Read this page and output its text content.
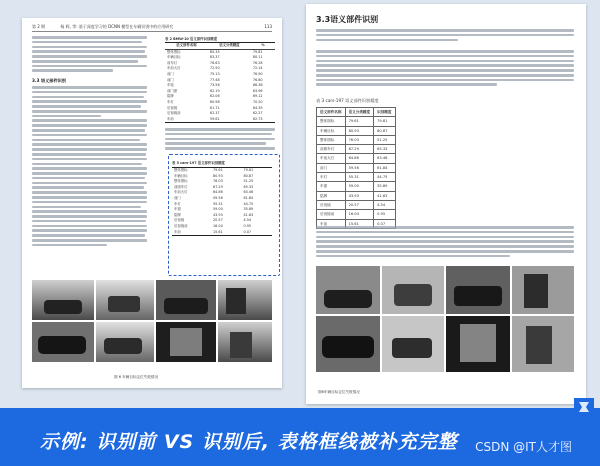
第 2 期	杨 辉, 等: 基于深度学习的 DCNN 模型在车辆识别中的应用研究	113
3.3 语义部件识别
表 2 BMW-10 语义部件识别精度
语义部件名称	语义分类精度	%
整体图标	85.35	79.81
车辆目标	83.37	80.11
前车灯	76.63	76.28
车前大灯	72.50	72.14
前门	75.13	76.90
前门	77.48	76.80
车轮	73.56	68.36
前门窗	62.19	63.96
铭牌	62.06	69.12
车灯	60.98	70.20
后视镜	61.71	64.39
后视镜前	62.37	62.27
车前	59.61	62.73
表 3 cars-197 语义部件识别精度
整体图标	79.61	79.81
车辆目标	80.93	80.87
整体图标	76.03	51.25
前照车灯	67.29	65.33
车前大灯	64.86	63.46
前门	59.56	61.84
车灯	55.31	44.75
车窗	59.00	35.89
铭牌	43.93	41.63
后视镜	20.57	4.54
后视镜前	16.04	0.95
车前	15.61	0.07
图 6 车辆目标定位失败情况
3.3语义部件识别
表 3 cars-197 语义部件识别精度
语义部件名称	语义分类精度	识别精度
整体图标	79.61	79.81
车辆目标	80.93	80.87
整体图标	76.03	51.25
前照车灯	67.29	65.33
车前大灯	64.86	63.46
前门	59.56	61.84
车灯	55.31	44.75
车窗	59.00	35.89
铭牌	43.93	41.63
后视镜	20.57	4.54
后视镜前	16.04	0.95
车前	15.61	0.07
图6车辆目标定位失败情况
示例: 识别前 VS 识别后, 表格框线被补充完整 CSDN @IT人才图
